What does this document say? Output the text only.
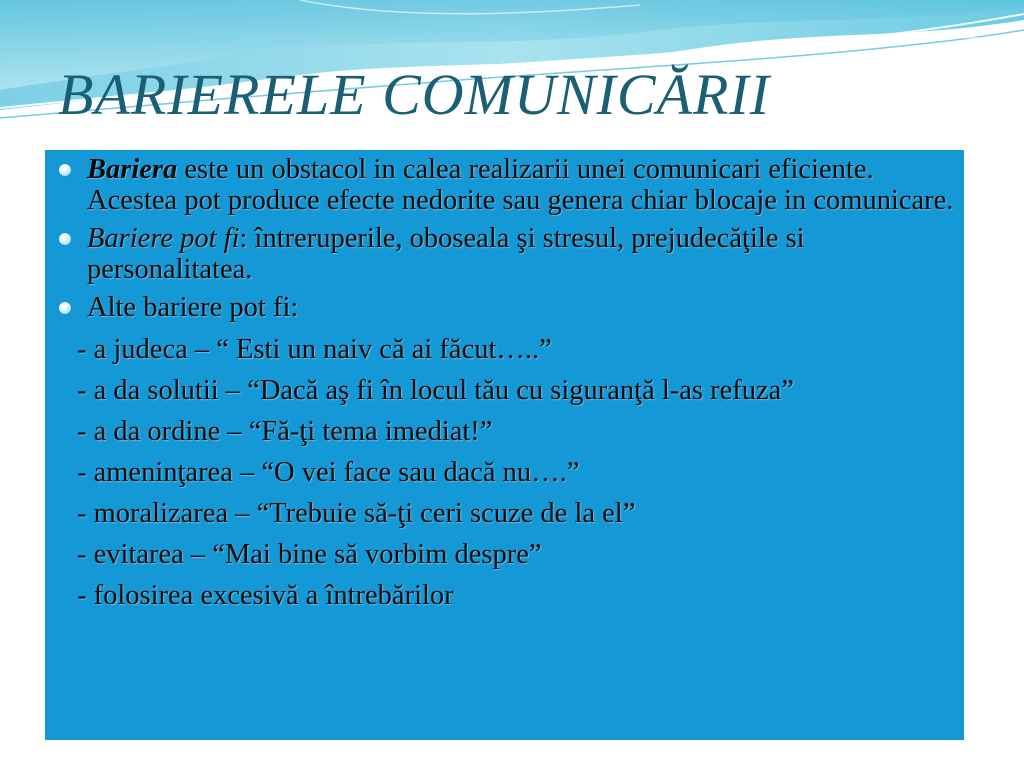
BARIERELE COMUNICĂRII
Bariera este un obstacol in calea realizarii unei comunicari eficiente. Acestea pot produce efecte nedorite sau genera chiar blocaje in comunicare.
Bariere pot fi: întreruperile, oboseala şi stresul, prejudecăţile si personalitatea.
Alte bariere pot fi:
- a judeca – “ Esti un naiv că ai făcut…..”
- a da solutii – “Dacă aş fi în locul tău cu siguranţă l-as refuza”
- a da ordine – “Fă-ţi tema imediat!”
- ameninţarea – “O vei face sau dacă nu….”
- moralizarea – “Trebuie să-ţi ceri scuze de la el”
- evitarea – “Mai bine să vorbim despre”
- folosirea excesivă a întrebărilor
